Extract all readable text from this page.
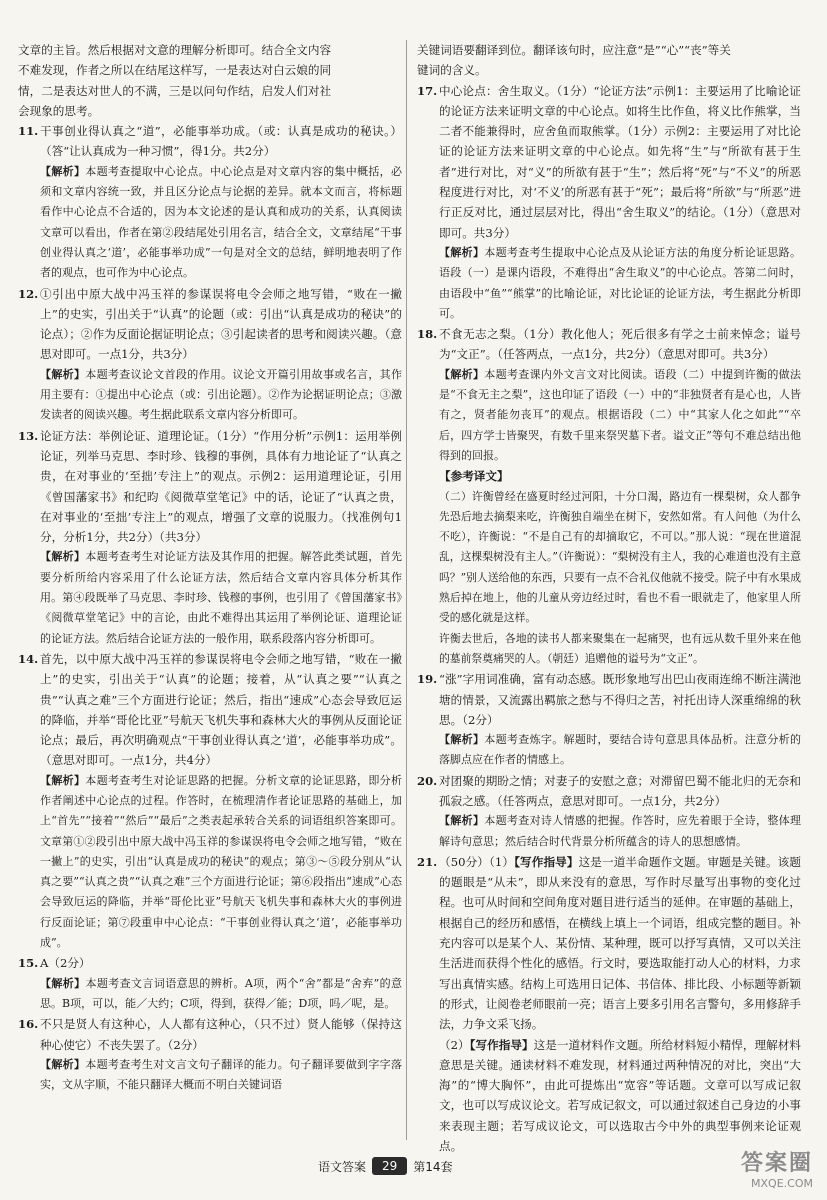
文章的主旨。然后根据对文意的理解分析即可。结合全文内容

不难发现，作者之所以在结尾这样写，一是表达对白云娘的同

情，二是表达对世人的不满，三是以问句作结，启发人们对社

会现象的思考。

11. 干事创业得认真之“道”，必能事举功成。（或：认真是成功的秘诀。）（答“让认真成为一种习惯”，得1分。共2分）

【解析】本题考查提取中心论点。中心论点是对文章内容的集中概括，必须和文章内容统一致，并且区分论点与论据的差异。就本文而言，将标题看作中心论点不合适的，因为本文论述的是认真和成功的关系，认真阅读文章可以看出，作者在第②段结尾处引用名言，结合全文，文章结尾“干事创业得认真之‘道’，必能事举功成”一句是对全文的总结，鲜明地表明了作者的观点，也可作为中心论点。

12. ①引出中原大战中冯玉祥的参谋误将电令会师之地写错，“败在一撇上”的史实，引出关于“认真”的论题（或：引出“认真是成功的秘诀”的论点）；②作为反面论据证明论点；③引起读者的思考和阅读兴趣。（意思对即可。一点1分，共3分）

【解析】本题考查议论文首段的作用。议论文开篇引用故事或名言，其作用主要有：①提出中心论点（或：引出论题）。②作为论据证明论点；③激发读者的阅读兴趣。考生据此联系文章内容分析即可。

13. 论证方法：举例论证、道理论证。（1分）“作用分析”示例1：运用举例论证，列举马克思、李时珍、钱穆的事例，具体有力地论证了“认真之贵，在对事业的‘至拙’专注上”的观点。示例2：运用道理论证，引用《曾国藩家书》和纪昀《阅微草堂笔记》中的话，论证了“认真之贵，在对事业的‘至拙’专注上”的观点，增强了文章的说服力。（找准例句1分，分析1分，共2分）（共3分）

【解析】本题考查考生对论证方法及其作用的把握。解答此类试题，首先要分析所给内容采用了什么论证方法，然后结合文章内容具体分析其作用。第④段既举了马克思、李时珍、钱穆的事例，也引用了《曾国藩家书》《阅微草堂笔记》中的言论，由此不难得出其运用了举例论证、道理论证的论证方法。然后结合论证方法的一般作用，联系段落内容分析即可。

14. 首先，以中原大战中冯玉祥的参谋误将电令会师之地写错，“败在一撇上”的史实，引出关于“认真”的论题；接着，从“认真之要”“认真之贵”“认真之难”三个方面进行论证；然后，指出“速成”心态会导致厄运的降临，并举“哥伦比亚”号航天飞机失事和森林大火的事例从反面论证论点；最后，再次明确观点“干事创业得认真之‘道’，必能事举功成”。（意思对即可。一点1分，共4分）

【解析】本题考查考生对论证思路的把握。分析文章的论证思路，即分析作者阐述中心论点的过程。作答时，在梳理清作者论证思路的基础上，加上“首先”“接着”“然后”“最后”之类表起承转合关系的词语组织答案即可。文章第①②段引出中原大战中冯玉祥的参谋误将电令会师之地写错，“败在一撇上”的史实，引出“认真是成功的秘诀”的观点；第③～⑤段分别从“认真之要”“认真之贵”“认真之难”三个方面进行论证；第⑥段指出“速成”心态会导致厄运的降临，并举“哥伦比亚”号航天飞机失事和森林大火的事例进行反面论证；第⑦段重申中心论点：“干事创业得认真之‘道’，必能事举功成”。

15. A（2分）

【解析】本题考查文言词语意思的辨析。A项，两个“舍”都是“舍弃”的意思。B项，可以，能／大约；C项，得到，获得／能；D项，吗／呢，是。

16. 不只是贤人有这种心，人人都有这种心，（只不过）贤人能够（保持这种心使它）不丧失罢了。（2分）

【解析】本题考查考生对文言文句子翻译的能力。句子翻译要做到字字落实，文从字顺，不能只翻译大概而不明白关键词语

关键词语要翻译到位。翻译该句时，应注意“是”“心”“丧”等关

键词的含义。

17. 中心论点：舍生取义。（1分）“论证方法”示例1：主要运用了比喻论证的论证方法来证明文章的中心论点。如将生比作鱼，将义比作熊掌，当二者不能兼得时，应舍鱼而取熊掌。（1分）示例2：主要运用了对比论证的论证方法来证明文章的中心论点。如先将“生”与“所欲有甚于生者”进行对比，对“义”的所欲有甚于“生”；然后将“死”与“不义”的所恶程度进行对比，对‘不义’的所恶有甚于“死”；最后将“所欲”与“所恶”进行正反对比，通过层层对比，得出“舍生取义”的结论。（1分）（意思对即可。共3分）

【解析】本题考查考生提取中心论点及从论证方法的角度分析论证思路。语段（一）是课内语段，不难得出“舍生取义”的中心论点。答第二问时，由语段中“鱼”“熊掌”的比喻论证，对比论证的论证方法，考生据此分析即可。

18. 不食无志之梨。（1分）教化他人；死后很多有学之士前来悼念；谥号为“文正”。（任答两点，一点1分，共2分）（意思对即可。共3分）

【解析】本题考查课内外文言文对比阅读。语段（二）中提到许衡的做法是“不食无主之梨”，这也印证了语段（一）中的“非独贤者有是心也，人皆有之，贤者能勿丧耳”的观点。根据语段（二）中“其家人化之如此”“卒后，四方学士皆聚哭，有数千里来祭哭墓下者。谥文正”等句不难总结出他得到的回报。

【参考译文】

（二）许衡曾经在盛夏时经过河阳，十分口渴，路边有一棵梨树，众人都争先恐后地去摘梨来吃，许衡独自端坐在树下，安然如常。有人问他（为什么不吃），许衡说：“不是自己有的却摘取它，不可以。”那人说：“现在世道混乱，这棵梨树没有主人。”（许衡说）：“梨树没有主人，我的心难道也没有主意吗？”别人送给他的东西，只要有一点不合礼仪他就不接受。院子中有水果成熟后掉在地上，他的儿童从旁边经过时，看也不看一眼就走了，他家里人所受的感化就是这样。

许衡去世后，各地的读书人都来聚集在一起痛哭，也有远从数千里外来在他的墓前祭奠痛哭的人。（朝廷）追赠他的谥号为“文正”。

19. “涨”字用词准确，富有动态感。既形象地写出巴山夜雨连绵不断注满池塘的情景，又流露出羁旅之愁与不得归之苦，衬托出诗人深重绵绵的秋思。（2分）

【解析】本题考查炼字。解题时，要结合诗句意思具体品析。注意分析的落脚点应在作者的情感上。

20. 对团聚的期盼之情；对妻子的安慰之意；对滞留巴蜀不能北归的无奈和孤寂之感。（任答两点，意思对即可。一点1分，共2分）

【解析】本题考查对诗人情感的把握。作答时，应先着眼于全诗，整体理解诗句意思；然后结合时代背景分析所蕴含的诗人的思想感情。

21. （50分）（1）【写作指导】这是一道半命题作文题。审题是关键。该题的题眼是“从未”，即从来没有的意思，写作时尽量写出事物的变化过程。也可从时间和空间角度对题目进行适当的延伸。在审题的基础上，根据自己的经历和感悟，在横线上填上一个词语，组成完整的题目。补充内容可以是某个人、某份情、某种理，既可以抒写真情，又可以关注生活进而获得个性化的感悟。行文时，要选取能打动人心的材料，力求写出真情实感。结构上可选用日记体、书信体、排比段、小标题等新颖的形式，让阅卷老师眼前一亮；语言上要多引用名言警句，多用修辞手法，力争文采飞扬。

（2）【写作指导】这是一道材料作文题。所给材料短小精悍，理解材料意思是关键。通读材料不难发现，材料通过两种情况的对比，突出“大海”的“博大胸怀”，由此可提炼出“宽容”等话题。文章可以写成记叙文，也可以写成议论文。若写成记叙文，可以通过叙述自己身边的小事来表现主题；若写成议论文，可以选取古今中外的典型事例来论证观点。

语文答案	29	第14套	答案圈
MXQE.COM
